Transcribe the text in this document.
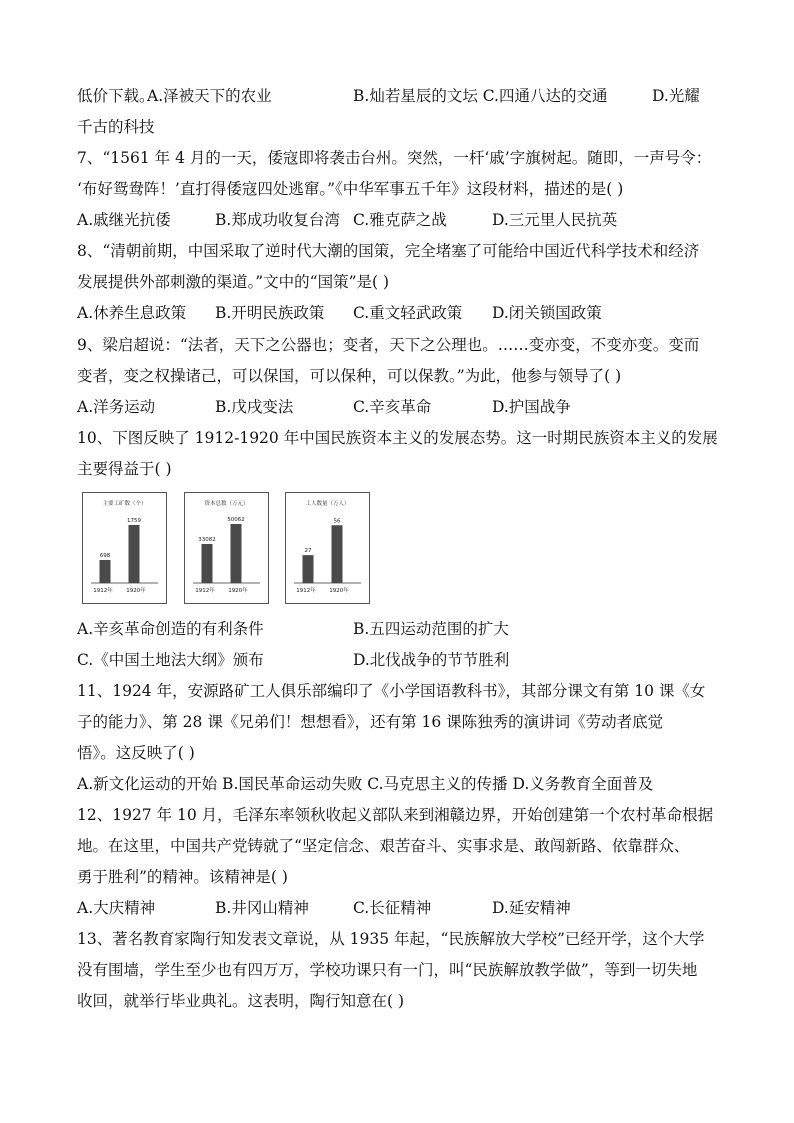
低价下载。
A.泽被天下的农业	B.灿若星辰的文坛 C.四通八达的交通	D.光耀
千古的科技
7、“1561 年 4 月的一天，倭寇即将袭击台州。突然，一杆‘戚’字旗树起。随即，一声号令：
‘布好鸳鸯阵！’直打得倭寇四处逃窜。”《中华军事五千年》这段材料，描述的是( )
A.戚继光抗倭	B.郑成功收复台湾 C.雅克萨之战	D.三元里人民抗英
8、“清朝前期，中国采取了逆时代大潮的国策，完全堵塞了可能给中国近代科学技术和经济
发展提供外部刺激的渠道。”文中的“国策”是( )
A.休养生息政策 B.开明民族政策 C.重文轻武政策 D.闭关锁国政策
9、梁启超说：“法者，天下之公器也；变者，天下之公理也。……变亦变，不变亦变。变而
变者，变之权操诸己，可以保国，可以保种，可以保教。”为此，他参与领导了( )
A.洋务运动	B.戊戌变法	C.辛亥革命	D.护国战争
10、下图反映了 1912-1920 年中国民族资本主义的发展态势。这一时期民族资本主义的发展
主要得益于( )
主要工矿数（个）
698
1912年
1759
1920年
资本总数（万元）
33082
1912年
50062
1920年
工人数量（万人）
27
1912年
56
1920年
A.辛亥革命创造的有利条件	B.五四运动范围的扩大
C.《中国土地法大纲》颁布	D.北伐战争的节节胜利
11、1924 年，安源路矿工人俱乐部编印了《小学国语教科书》，其部分课文有第 10 课《女
子的能力》、第 28 课《兄弟们！想想看》，还有第 16 课陈独秀的演讲词《劳动者底觉
悟》。这反映了( )
A.新文化运动的开始 B.国民革命运动失败 C.马克思主义的传播 D.义务教育全面普及
12、1927 年 10 月，毛泽东率领秋收起义部队来到湘赣边界，开始创建第一个农村革命根据
地。在这里，中国共产党铸就了“坚定信念、艰苦奋斗、实事求是、敢闯新路、依靠群众、
勇于胜利”的精神。该精神是( )
A.大庆精神	B.井冈山精神	C.长征精神	D.延安精神
13、著名教育家陶行知发表文章说，从 1935 年起，“民族解放大学校”已经开学，这个大学
没有围墙，学生至少也有四万万，学校功课只有一门，叫“民族解放教学做”，等到一切失地
收回，就举行毕业典礼。这表明，陶行知意在( )
